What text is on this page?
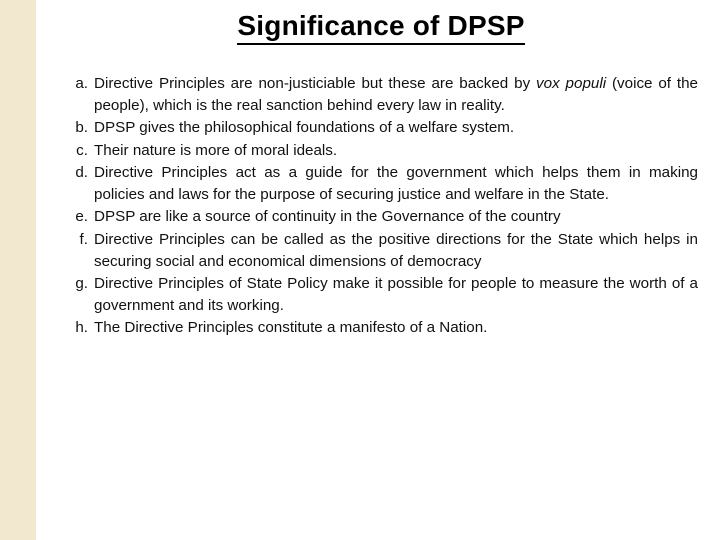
Significance of DPSP
a. Directive Principles are non-justiciable but these are backed by vox populi (voice of the people), which is the real sanction behind every law in reality.
b. DPSP gives the philosophical foundations of a welfare system.
c. Their nature is more of moral ideals.
d. Directive Principles act as a guide for the government which helps them in making policies and laws for the purpose of securing justice and welfare in the State.
e. DPSP are like a source of continuity in the Governance of the country
f. Directive Principles can be called as the positive directions for the State which helps in securing social and economical dimensions of democracy
g. Directive Principles of State Policy make it possible for people to measure the worth of a government and its working.
h. The Directive Principles constitute a manifesto of a Nation.
